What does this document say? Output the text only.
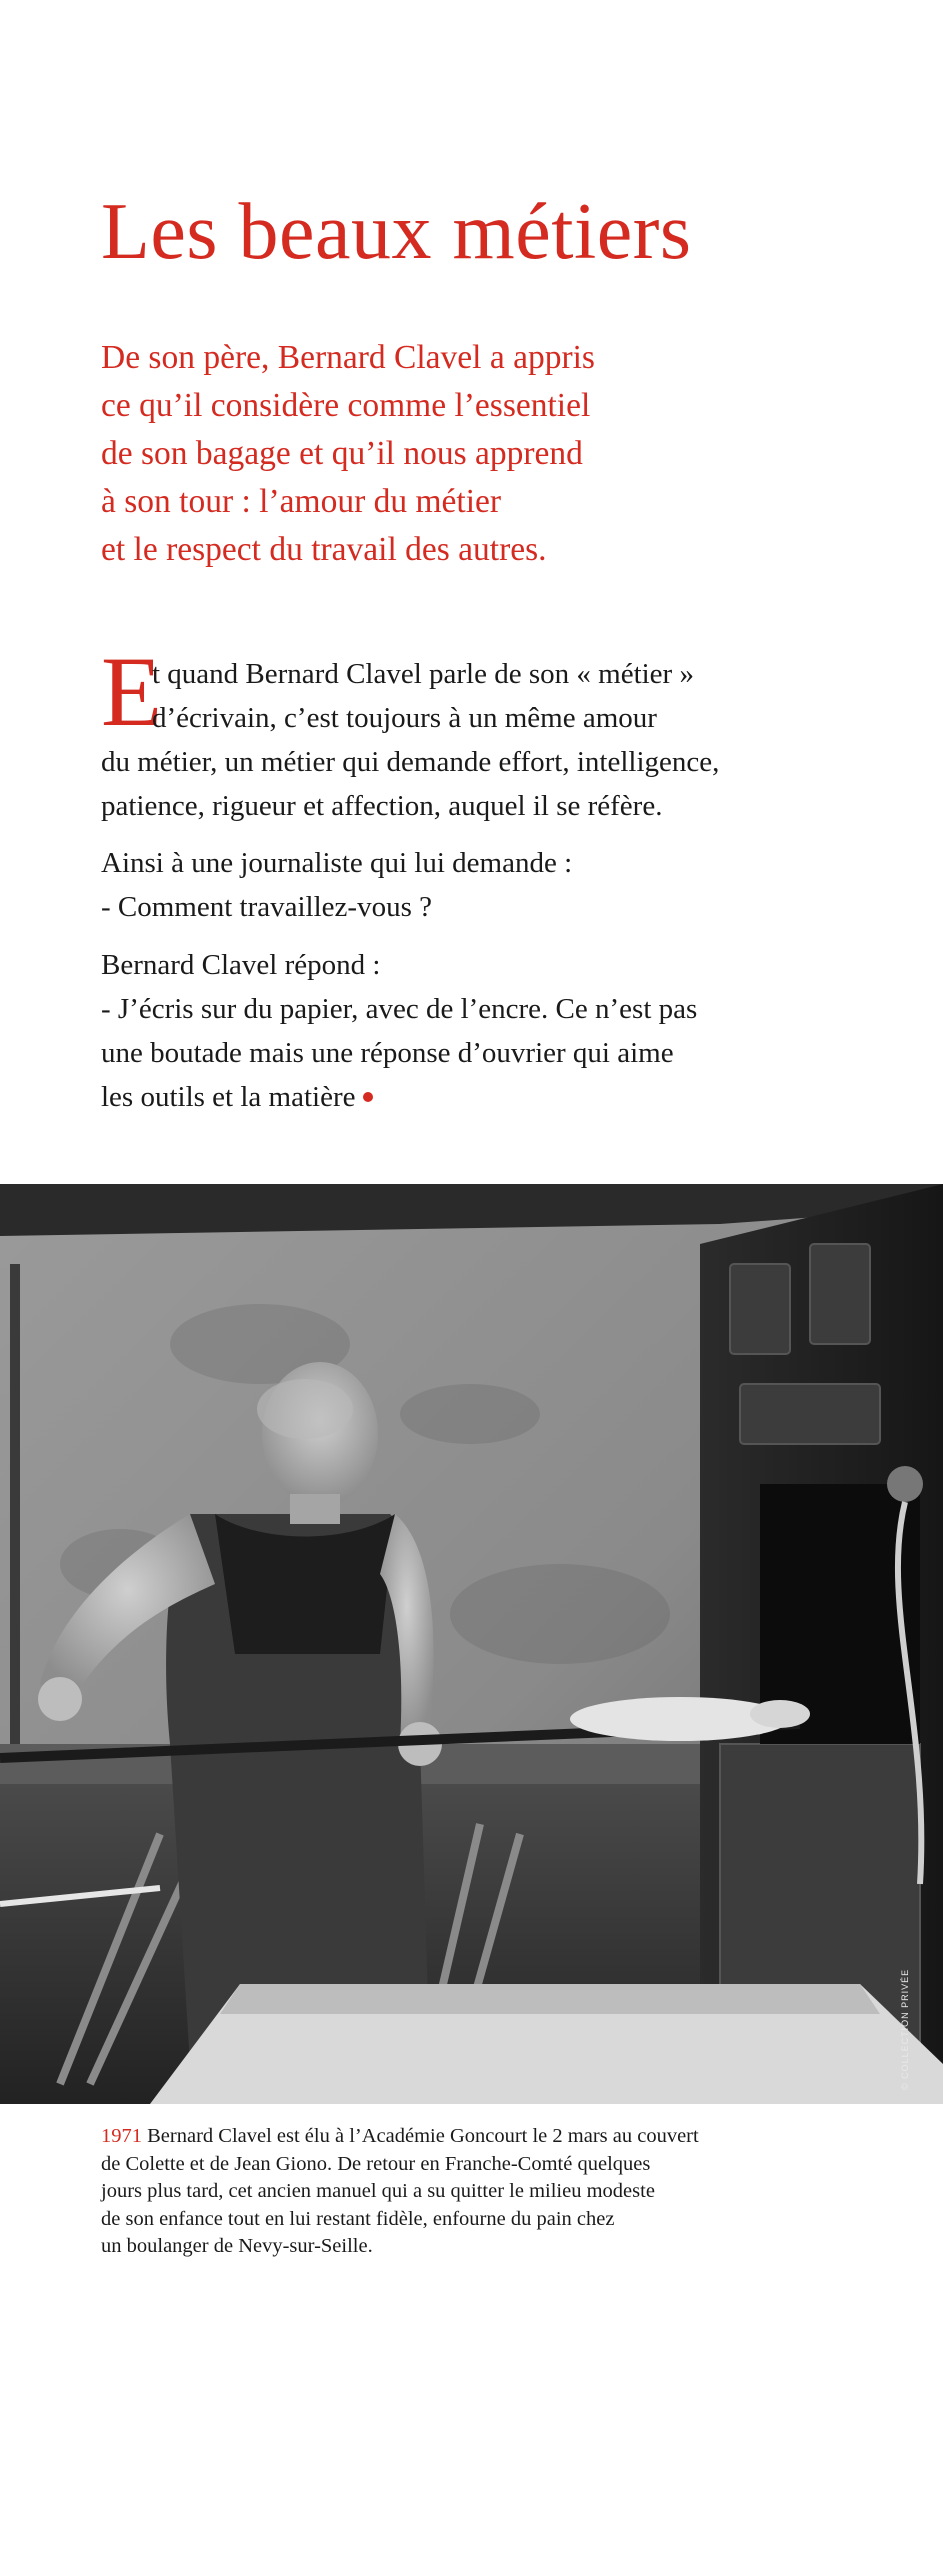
Les beaux métiers

De son père, Bernard Clavel a appris
ce qu’il considère comme l’essentiel
de son bagage et qu’il nous apprend
à son tour : l’amour du métier
et le respect du travail des autres.

E

t quand Bernard Clavel parle de son « métier »
d’écrivain, c’est toujours à un même amour
du métier, un métier qui demande effort, intelligence,
patience, rigueur et affection, auquel il se réfère.

Ainsi à une journaliste qui lui demande :
- Comment travaillez-vous ?

Bernard Clavel répond :
- J’écris sur du papier, avec de l’encre. Ce n’est pas
une boutade mais une réponse d’ouvrier qui aime
les outils et la matière

© COLLECTION PRIVÉE

1971 Bernard Clavel est élu à l’Académie Goncourt le 2 mars au couvert
de Colette et de Jean Giono. De retour en Franche-Comté quelques
jours plus tard, cet ancien manuel qui a su quitter le milieu modeste
de son enfance tout en lui restant fidèle, enfourne du pain chez
un boulanger de Nevy-sur-Seille.
